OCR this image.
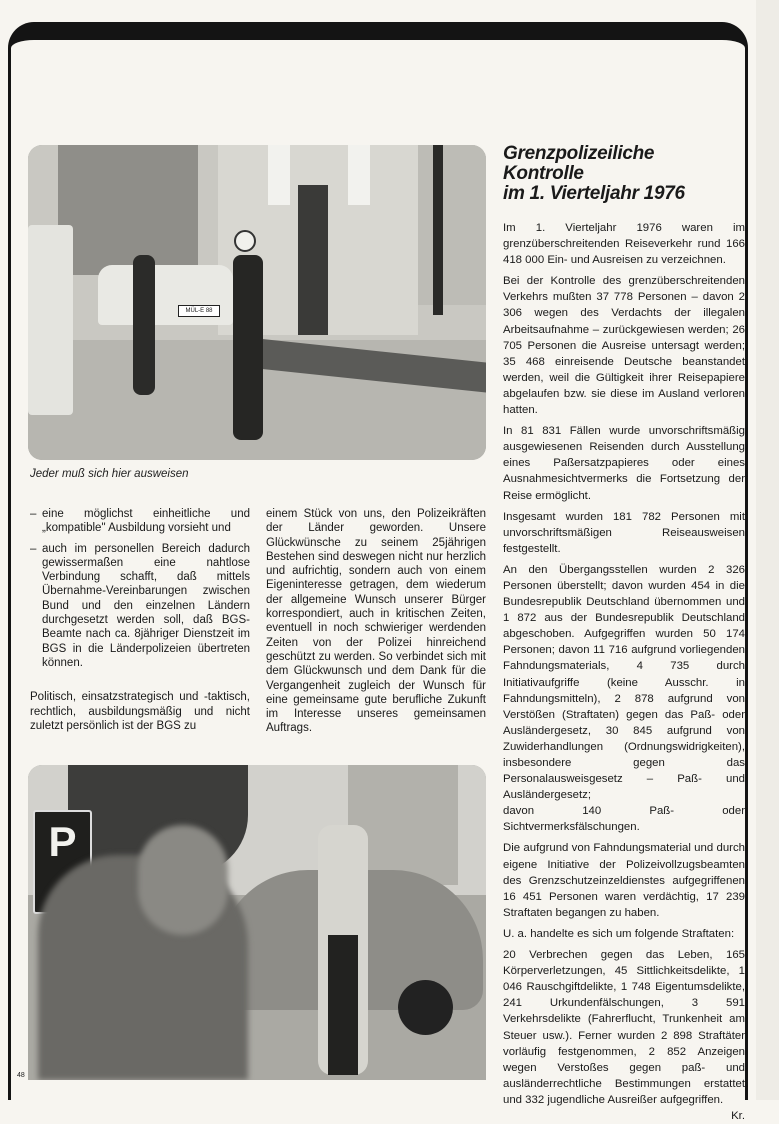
MÜL-E 88
Jeder muß sich hier ausweisen
– eine möglichst einheitliche und „kompatible" Ausbildung vorsieht und

– auch im personellen Bereich dadurch gewissermaßen eine nahtlose Verbindung schafft, daß mittels Übernahme-Vereinbarungen zwischen Bund und den einzelnen Ländern durchgesetzt werden soll, daß BGS-Beamte nach ca. 8jähriger Dienstzeit im BGS in die Länderpolizeien übertreten können.

Politisch, einsatzstrategisch und -taktisch, rechtlich, ausbildungsmäßig und nicht zuletzt persönlich ist der BGS zu

einem Stück von uns, den Polizeikräften der Länder geworden. Unsere Glückwünsche zu seinem 25jährigen Bestehen sind deswegen nicht nur herzlich und aufrichtig, sondern auch von einem Eigeninteresse getragen, dem wiederum der allgemeine Wunsch unserer Bürger korrespondiert, auch in kritischen Zeiten, eventuell in noch schwieriger werdenden Zeiten von der Polizei hinreichend geschützt zu werden. So verbindet sich mit dem Glückwunsch und dem Dank für die Vergangenheit zugleich der Wunsch für eine gemeinsame gute berufliche Zukunft im Interesse unseres gemeinsamen Auftrags.

P
Grenzpolizeiliche
Kontrolle
im 1. Vierteljahr 1976

Im 1. Vierteljahr 1976 waren im grenzüberschreitenden Reiseverkehr rund 166 418 000 Ein- und Ausreisen zu verzeichnen.

Bei der Kontrolle des grenzüberschreitenden Verkehrs mußten 37 778 Personen – davon 2 306 wegen des Verdachts der illegalen Arbeitsaufnahme – zurückgewiesen werden; 26 705 Personen die Ausreise untersagt werden; 35 468 einreisende Deutsche beanstandet werden, weil die Gültigkeit ihrer Reisepapiere abgelaufen bzw. sie diese im Ausland verloren hatten.

In 81 831 Fällen wurde unvorschriftsmäßig ausgewiesenen Reisenden durch Ausstellung eines Paßersatzpapieres oder eines Ausnahmesichtvermerks die Fortsetzung der Reise ermöglicht.

Insgesamt wurden 181 782 Personen mit unvorschriftsmäßigen Reiseausweisen festgestellt.

An den Übergangsstellen wurden 2 326 Personen überstellt; davon wurden 454 in die Bundesrepublik Deutschland übernommen und 1 872 aus der Bundesrepublik Deutschland abgeschoben. Aufgegriffen wurden 50 174 Personen; davon 11 716 aufgrund vorliegenden Fahndungsmaterials, 4 735 durch Initiativaufgriffe (keine Ausschr. in Fahndungsmitteln), 2 878 aufgrund von Verstößen (Straftaten) gegen das Paß- oder Ausländergesetz, 30 845 aufgrund von Zuwiderhandlungen (Ordnungswidrigkeiten), insbesondere gegen das Personalausweisgesetz – Paß- und Ausländergesetz;

davon 140 Paß- oder Sichtvermerksfälschungen.

Die aufgrund von Fahndungsmaterial und durch eigene Initiative der Polizeivollzugsbeamten des Grenzschutzeinzeldienstes aufgegriffenen 16 451 Personen waren verdächtig, 17 239 Straftaten begangen zu haben.

U. a. handelte es sich um folgende Straftaten:

20 Verbrechen gegen das Leben, 165 Körperverletzungen, 45 Sittlichkeitsdelikte, 1 046 Rauschgiftdelikte, 1 748 Eigentumsdelikte, 241 Urkundenfälschungen, 3 591 Verkehrsdelikte (Fahrerflucht, Trunkenheit am Steuer usw.). Ferner wurden 2 898 Straftäter vorläufig festgenommen, 2 852 Anzeigen wegen Verstoßes gegen paß- und ausländerrechtliche Bestimmungen erstattet und 332 jugendliche Ausreißer aufgegriffen.

Kr.
48
